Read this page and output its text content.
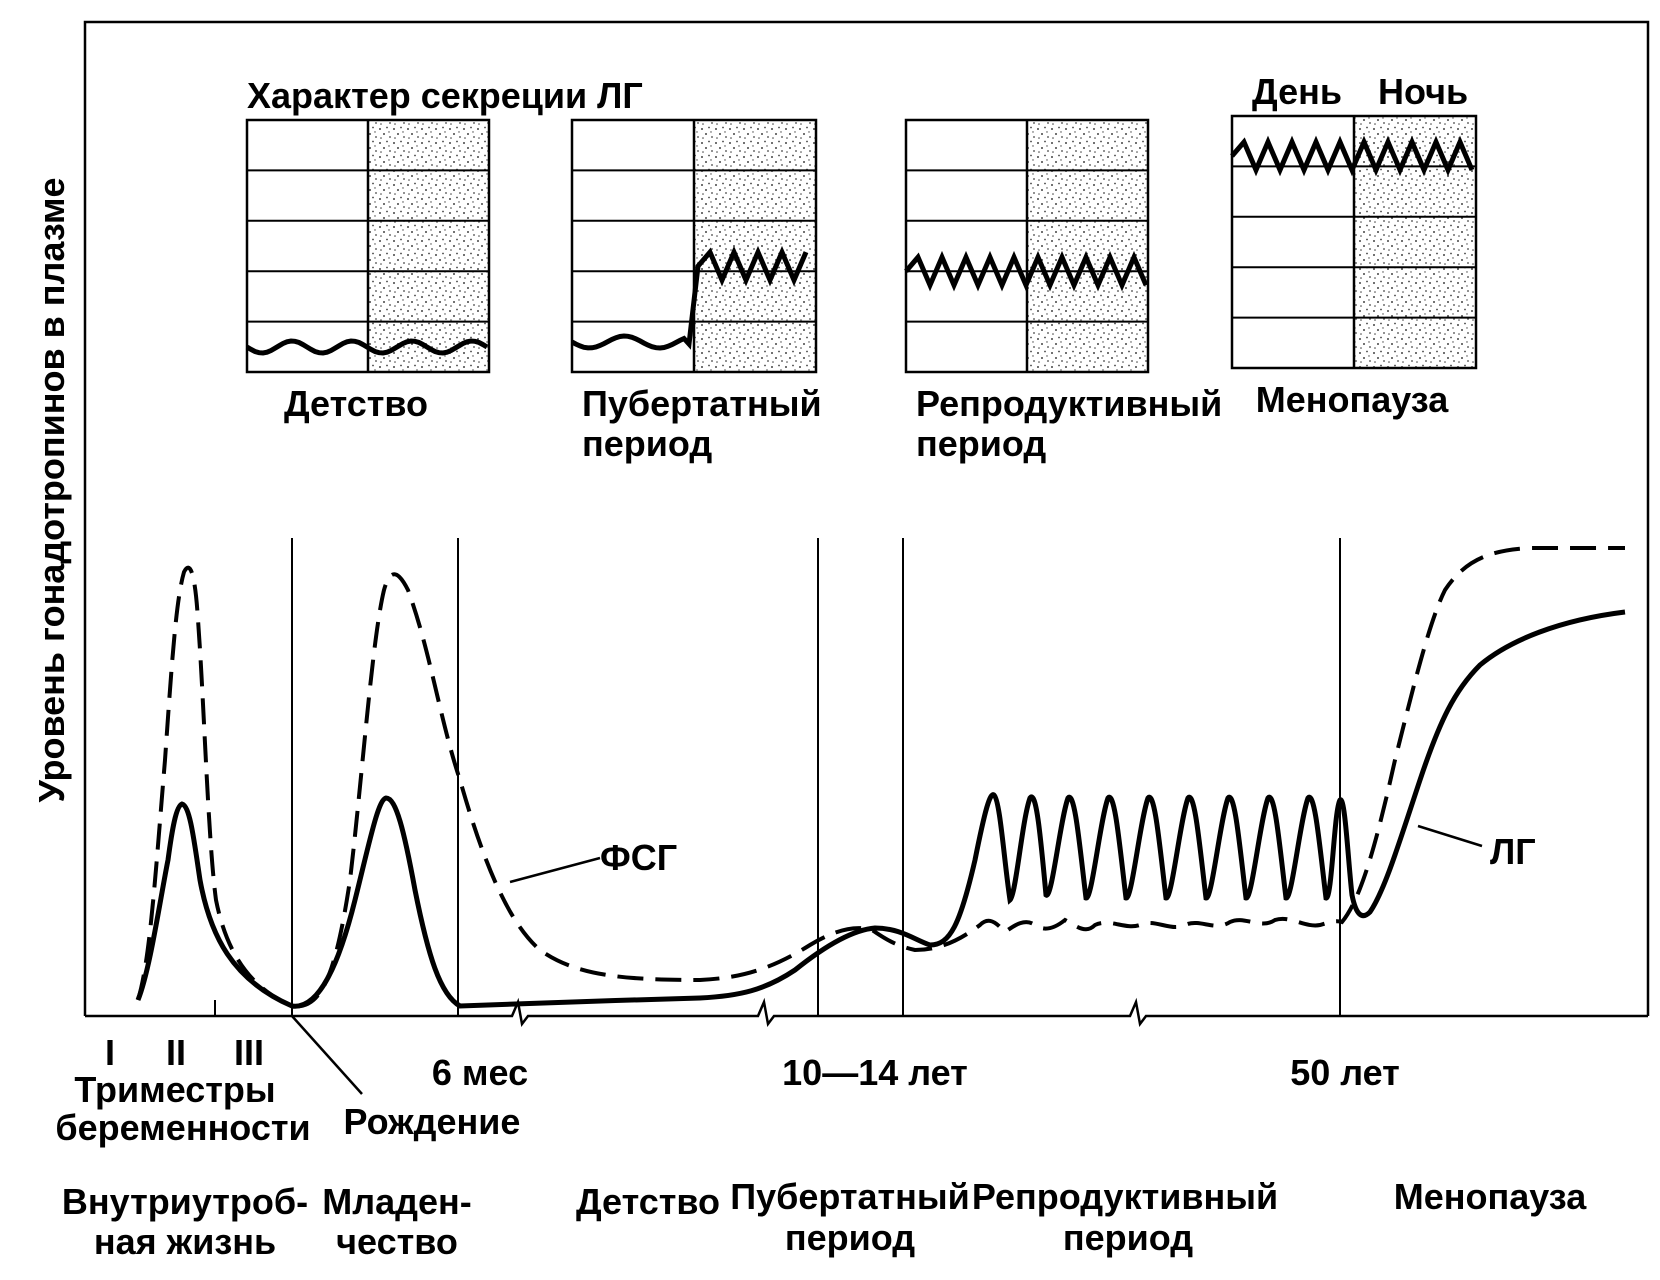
ФСГ	ЛГ
Уровень гонадотропинов в плазме
Характер секреции ЛГ	День Ночь
Детство	Пубертатный
период
Репродуктивный
период
Менопауза
I II III
Триместры
беременности Рождение
6 мес	10—14 лет	50 лет
Внутриутроб-
ная жизнь
Младен-
чество
Детство Пубертатный
период
Репродуктивный
период
Менопауза
